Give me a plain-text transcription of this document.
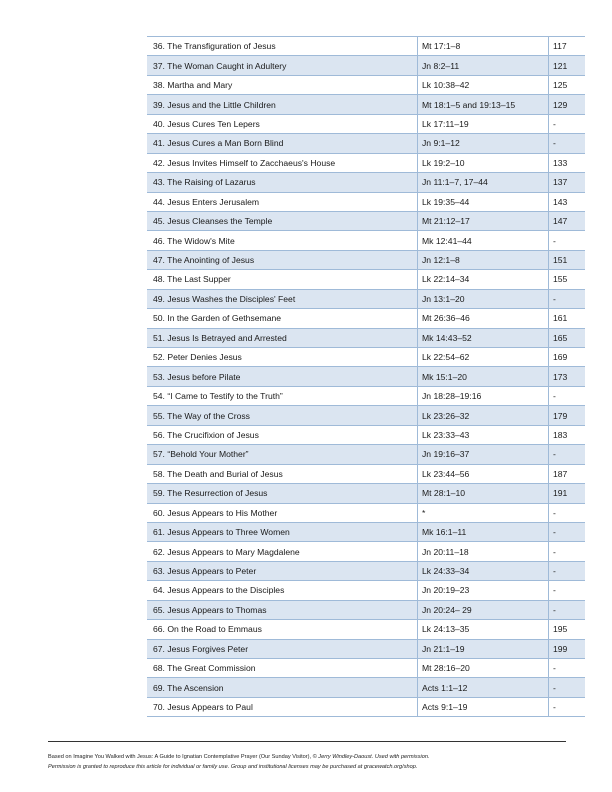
36. The Transfiguration of Jesus	Mt 17:1–8	117
37. The Woman Caught in Adultery	Jn 8:2–11	121
38. Martha and Mary	Lk 10:38–42	125
39. Jesus and the Little Children	Mt 18:1–5 and 19:13–15	129
40. Jesus Cures Ten Lepers	Lk 17:11–19	-
41. Jesus Cures a Man Born Blind	Jn 9:1–12	-
42. Jesus Invites Himself to Zacchaeus's House	Lk 19:2–10	133
43. The Raising of Lazarus	Jn 11:1–7, 17–44	137
44. Jesus Enters Jerusalem	Lk 19:35–44	143
45. Jesus Cleanses the Temple	Mt 21:12–17	147
46. The Widow's Mite	Mk 12:41–44	-
47. The Anointing of Jesus	Jn 12:1–8	151
48. The Last Supper	Lk 22:14–34	155
49. Jesus Washes the Disciples' Feet	Jn 13:1–20	-
50. In the Garden of Gethsemane	Mt 26:36–46	161
51. Jesus Is Betrayed and Arrested	Mk 14:43–52	165
52. Peter Denies Jesus	Lk 22:54–62	169
53. Jesus before Pilate	Mk 15:1–20	173
54. “I Came to Testify to the Truth”	Jn 18:28–19:16	-
55. The Way of the Cross	Lk 23:26–32	179
56. The Crucifixion of Jesus	Lk 23:33–43	183
57. “Behold Your Mother”	Jn 19:16–37	-
58. The Death and Burial of Jesus	Lk 23:44–56	187
59. The Resurrection of Jesus	Mt 28:1–10	191
60. Jesus Appears to His Mother	*	-
61. Jesus Appears to Three Women	Mk 16:1–11	-
62. Jesus Appears to Mary Magdalene	Jn 20:11–18	-
63. Jesus Appears to Peter	Lk 24:33–34	-
64. Jesus Appears to the Disciples	Jn 20:19–23	-
65. Jesus Appears to Thomas	Jn 20:24– 29	-
66. On the Road to Emmaus	Lk 24:13–35	195
67. Jesus Forgives Peter	Jn 21:1–19	199
68. The Great Commission	Mt 28:16–20	-
69. The Ascension	Acts 1:1–12	-
70. Jesus Appears to Paul	Acts 9:1–19	-
Based on Imagine You Walked with Jesus: A Guide to Ignatian Contemplative Prayer (Our Sunday Visitor), © Jerry Windley-Daoust. Used with permission.
Permission is granted to reproduce this article for individual or family use. Group and institutional licenses may be purchased at gracewatch.org/shop.
